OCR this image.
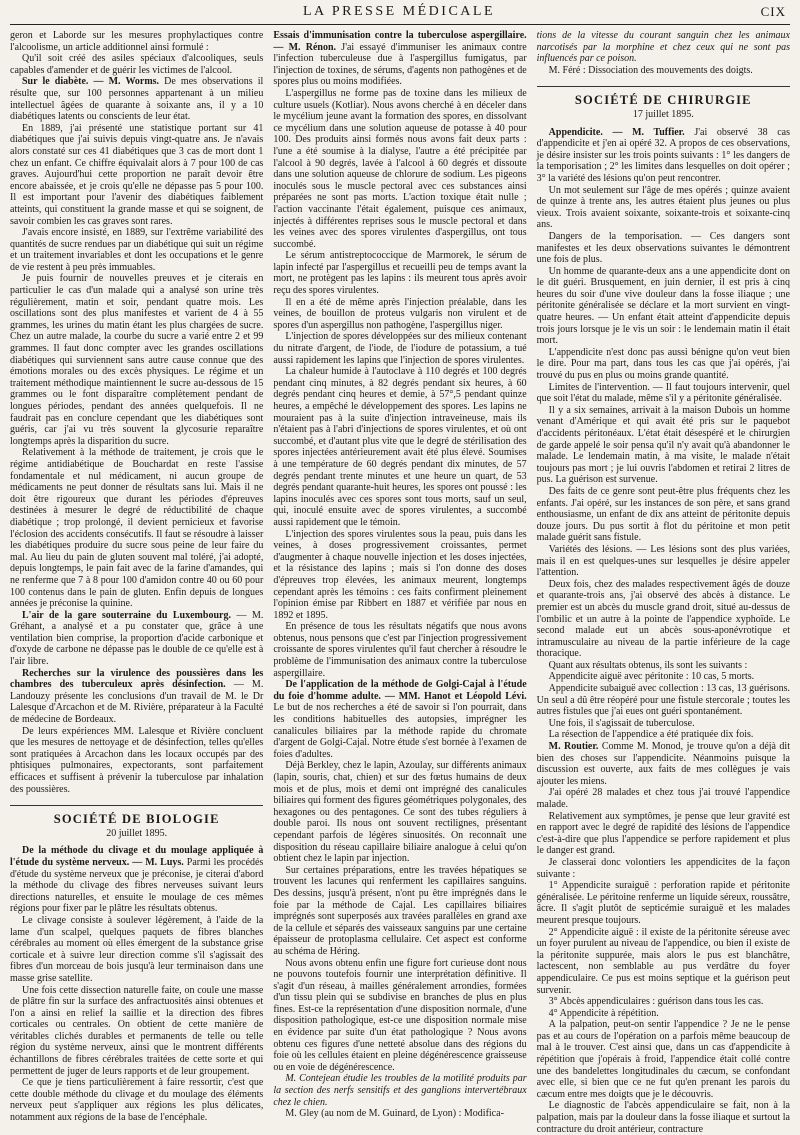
LA PRESSE MÉDICALE	CIX

geron et Laborde sur les mesures prophylactiques contre l'alcoolisme, un article additionnel ainsi formulé :

Qu'il soit créé des asiles spéciaux d'alcooliques, seuls capables d'amender et de guérir les victimes de l'alcool.

Sur le diabète. — M. Worms. De mes observations il résulte que, sur 100 personnes appartenant à un milieu intellectuel âgées de quarante à soixante ans, il y a 10 diabétiques latents ou conscients de leur état.

En 1889, j'ai présenté une statistique portant sur 41 diabétiques que j'ai suivis depuis vingt-quatre ans. Je n'avais alors constaté sur ces 41 diabétiques que 3 cas de mort dont 1 chez un enfant. Ce chiffre équivalait alors à 7 pour 100 de cas graves. Aujourd'hui cette proportion ne paraît devoir être encore abaissée, et je crois qu'elle ne dépasse pas 5 pour 100. Il est important pour l'avenir des diabétiques faiblement atteints, qui constituent la grande masse et qui se soignent, de savoir combien les cas graves sont rares.

J'avais encore insisté, en 1889, sur l'extrême variabilité des quantités de sucre rendues par un diabétique qui suit un régime et un traitement invariables et dont les occupations et le genre de vie restent à peu près immuables.

Je puis fournir de nouvelles preuves et je citerais en particulier le cas d'un malade qui a analysé son urine très régulièrement, matin et soir, pendant quatre mois. Les oscillations sont des plus manifestes et varient de 4 à 55 grammes, les urines du matin étant les plus chargées de sucre. Chez un autre malade, la courbe du sucre a varié entre 2 et 99 grammes. Il faut donc compter avec les grandes oscillations diabétiques qui surviennent sans autre cause connue que des émotions morales ou des excès physiques. Le régime et un traitement méthodique maintiennent le sucre au-dessous de 15 grammes ou le font disparaître complètement pendant de longues périodes, pendant des années quelquefois. Il ne faudrait pas en conclure cependant que les diabétiques sont guéris, car j'ai vu très souvent la glycosurie reparaître longtemps après la disparition du sucre.

Relativement à la méthode de traitement, je crois que le régime antidiabétique de Bouchardat en reste l'assise fondamentale et nul médicament, ni aucun groupe de médicaments ne peut donner de résultats sans lui. Mais il ne doit être rigoureux que durant les périodes d'épreuves destinées à mesurer le degré de réductibilité de chaque diabétique ; trop prolongé, il devient pernicieux et favorise l'éclosion des accidents consécutifs. Il faut se résoudre à laisser les diabétiques produire du sucre sous peine de leur faire du mal. Au lieu du pain de gluten souvent mal toléré, j'ai adopté, depuis longtemps, le pain fait avec de la farine d'amandes, qui ne renferme que 7 à 8 pour 100 d'amidon contre 40 ou 60 pour 100 contenus dans le pain de gluten. Enfin depuis de longues années je préconise la quinine.

L'air de la gare souterraine du Luxembourg. — M. Gréhant, a analysé et a pu constater que, grâce à une ventilation bien comprise, la proportion d'acide carbonique et d'oxyde de carbone ne dépasse pas le double de ce qu'elle est à l'air libre.

Recherches sur la virulence des poussières dans les chambres des tuberculeux après désinfection. — M. Landouzy présente les conclusions d'un travail de M. le Dr Lalesque d'Arcachon et de M. Rivière, préparateur à la Faculté de médecine de Bordeaux.

De leurs expériences MM. Lalesque et Rivière concluent que les mesures de nettoyage et de désinfection, telles qu'elles sont pratiquées à Arcachon dans les locaux occupés par des phtisiques pulmonaires, expectorants, sont parfaitement efficaces et suffisent à prévenir la tuberculose par inhalation des poussières.

SOCIÉTÉ DE BIOLOGIE
20 juillet 1895.

De la méthode du clivage et du moulage appliquée à l'étude du système nerveux. — M. Luys. Parmi les procédés d'étude du système nerveux que je préconise, je citerai d'abord la méthode du clivage des fibres nerveuses suivant leurs directions naturelles, et ensuite le moulage de ces mêmes régions pour fixer par le plâtre les résultats obtenus.

Le clivage consiste à soulever légèrement, à l'aide de la lame d'un scalpel, quelques paquets de fibres blanches cérébrales au moment où elles émergent de la substance grise corticale et à suivre leur direction comme s'il s'agissait des fibres d'un morceau de bois jusqu'à leur terminaison dans une masse grise satellite.

Une fois cette dissection naturelle faite, on coule une masse de plâtre fin sur la surface des anfractuosités ainsi obtenues et l'on a ainsi en relief la saillie et la direction des fibres corticales ou centrales. On obtient de cette manière de véritables clichés durables et permanents de telle ou telle région du système nerveux, ainsi que le montrent différents échantillons de fibres cérébrales traitées de cette sorte et qui permettent de juger de leurs rapports et de leur groupement.

Ce que je tiens particulièrement à faire ressortir, c'est que cette double méthode du clivage et du moulage des éléments nerveux peut s'appliquer aux régions les plus délicates, notamment aux régions de la base de l'encéphale.

Essais d'immunisation contre la tuberculose aspergillaire. — M. Rénon. J'ai essayé d'immuniser les animaux contre l'infection tuberculeuse due à l'aspergillus fumigatus, par l'injection de toxines, de sérums, d'agents non pathogènes et de spores plus ou moins modifiées.

L'aspergillus ne forme pas de toxine dans les milieux de culture usuels (Kotliar). Nous avons cherché à en déceler dans le mycélium jeune avant la formation des spores, en dissolvant ce mycélium dans une solution aqueuse de potasse à 40 pour 100. Des produits ainsi formés nous avons fait deux parts : l'une a été soumise à la dialyse, l'autre a été précipitée par l'alcool à 90 degrés, lavée à l'alcool à 60 degrés et dissoute dans une solution aqueuse de chlorure de sodium. Les pigeons inoculés sous le muscle pectoral avec ces substances ainsi préparées ne sont pas morts. L'action toxique était nulle ; l'action vaccinante l'était également, puisque ces animaux, injectés à différentes reprises sous le muscle pectoral et dans les veines avec des spores virulentes d'aspergillus, ont tous succombé.

Le sérum antistreptococcique de Marmorek, le sérum de lapin infecté par l'aspergillus et recueilli peu de temps avant la mort, ne protègent pas les lapins : ils meurent tous après avoir reçu des spores virulentes.

Il en a été de même après l'injection préalable, dans les veines, de bouillon de proteus vulgaris non virulent et de spores d'un aspergillus non pathogène, l'aspergillus niger.

L'injection de spores développées sur des milieux contenant du nitrate d'argent, de l'iode, de l'iodure de potassium, a tué aussi rapidement les lapins que l'injection de spores virulentes.

La chaleur humide à l'autoclave à 110 degrés et 100 degrés pendant cinq minutes, à 82 degrés pendant six heures, à 60 degrés pendant cinq heures et demie, à 57°,5 pendant quinze heures, a empêché le développement des spores. Les lapins ne mouraient pas à la suite d'injection intraveineuse, mais ils n'étaient pas à l'abri d'injections de spores virulentes, et où ont succombé, et d'autant plus vite que le degré de stérilisation des spores injectées antérieurement avait été plus élevé. Soumises à une température de 60 degrés pendant dix minutes, de 57 degrés pendant trente minutes et une heure un quart, de 53 degrés pendant quarante-huit heures, les spores ont poussé : les lapins inoculés avec ces spores sont tous morts, sauf un seul, qui, inoculé ensuite avec de spores virulentes, a succombé aussi rapidement que le témoin.

L'injection des spores virulentes sous la peau, puis dans les veines, à doses progressivement croissantes, permet d'augmenter à chaque nouvelle injection et les doses injectées, et la résistance des lapins ; mais si l'on donne des doses d'épreuves trop élevées, les animaux meurent, longtemps cependant après les témoins : ces faits confirment pleinement l'opinion émise par Ribbert en 1887 et vérifiée par nous en 1892 et 1895.

En présence de tous les résultats négatifs que nous avons obtenus, nous pensons que c'est par l'injection progressivement croissante de spores virulentes qu'il faut chercher à résoudre le problème de l'immunisation des animaux contre la tuberculose aspergillaire.

De l'application de la méthode de Golgi-Cajal à l'étude du foie d'homme adulte. — MM. Hanot et Léopold Lévi. Le but de nos recherches a été de savoir si l'on pourrait, dans les conditions habituelles des autopsies, imprégner les canalicules biliaires par la méthode rapide du chromate d'argent de Golgi-Cajal. Notre étude s'est bornée à l'examen de foies d'adultes.

Déjà Berkley, chez le lapin, Azoulay, sur différents animaux (lapin, souris, chat, chien) et sur des fœtus humains de deux mois et de plus, mois et demi ont imprégné des canalicules biliaires qui forment des figures géométriques polygonales, des hexagones ou des pentagones. Ce sont des tubes réguliers à double paroi. Ils nous ont souvent rectilignes, présentant cependant parfois de légères sinuosités. On reconnaît une disposition du réseau capillaire biliaire analogue à celui qu'on obtient chez le lapin par injection.

Sur certaines préparations, entre les travées hépatiques se trouvent les lacunes qui renferment les capillaires sanguins. Des dessins, jusqu'à présent, n'ont pu être imprégnés dans le foie par la méthode de Cajal. Les capillaires biliaires imprégnés sont superposés aux travées parallèles en grand axe de la cellule et séparés des vaisseaux sanguins par une certaine épaisseur de protoplasma cellulaire. Cet aspect est conforme au schéma de Héring.

Nous avons obtenu enfin une figure fort curieuse dont nous ne pouvons toutefois fournir une interprétation définitive. Il s'agit d'un réseau, à mailles généralement arrondies, formées d'un tissu plein qui se subdivise en branches de plus en plus fines. Est-ce la représentation d'une disposition normale, d'une disposition pathologique, est-ce une disposition normale mise en évidence par suite d'un état pathologique ? Nous avons obtenu ces figures d'une netteté absolue dans des régions du foie où les cellules étaient en pleine dégénérescence graisseuse ou en voie de dégénérescence.

M. Contejean étudie les troubles de la motilité produits par la section des nerfs sensitifs et des ganglions intervertébraux chez le chien.

M. Gley (au nom de M. Guinard, de Lyon) : Modifica-

tions de la vitesse du courant sanguin chez les animaux narcotisés par la morphine et chez ceux qui ne sont pas influencés par ce poison.

M. Féré : Dissociation des mouvements des doigts.

SOCIÉTÉ DE CHIRURGIE
17 juillet 1895.

Appendicite. — M. Tuffier. J'ai observé 38 cas d'appendicite et j'en ai opéré 32. A propos de ces observations, je désire insister sur les trois points suivants : 1° les dangers de la temporisation ; 2° les limites dans lesquelles on doit opérer ; 3° la variété des lésions qu'on peut rencontrer.

Un mot seulement sur l'âge de mes opérés ; quinze avaient de quinze à trente ans, les autres étaient plus jeunes ou plus vieux. Trois avaient soixante, soixante-trois et soixante-cinq ans.

Dangers de la temporisation. — Ces dangers sont manifestes et les deux observations suivantes le démontrent une fois de plus.

Un homme de quarante-deux ans a une appendicite dont on le dit guéri. Brusquement, en juin dernier, il est pris à cinq heures du soir d'une vive douleur dans la fosse iliaque ; une péritonite généralisée se déclare et la mort survient en vingt-quatre heures. — Un enfant était atteint d'appendicite depuis trois jours lorsque je le vis un soir : le lendemain matin il était mort.

L'appendicite n'est donc pas aussi bénigne qu'on veut bien le dire. Pour ma part, dans tous les cas que j'ai opérés, j'ai trouvé du pus en plus ou moins grande quantité.

Limites de l'intervention. — Il faut toujours intervenir, quel que soit l'état du malade, même s'il y a péritonite généralisée.

Il y a six semaines, arrivait à la maison Dubois un homme venant d'Amérique et qui avait été pris sur le paquebot d'accidents péritonéaux. L'état était désespéré et le chirurgien de garde appelé le soir pensa qu'il n'y avait qu'à abandonner le malade. Le lendemain matin, à ma visite, le malade n'était toujours pas mort ; je lui ouvris l'abdomen et retirai 2 litres de pus. La guérison est survenue.

Des faits de ce genre sont peut-être plus fréquents chez les enfants. J'ai opéré, sur les instances de son père, et sans grand enthousiasme, un enfant de dix ans atteint de péritonite depuis douze jours. Du pus sortit à flot du péritoine et mon petit malade guérit sans fistule.

Variétés des lésions. — Les lésions sont des plus variées, mais il en est quelques-unes sur lesquelles je désire appeler l'attention.

Deux fois, chez des malades respectivement âgés de douze et quarante-trois ans, j'ai observé des abcès à distance. Le premier est un abcès du muscle grand droit, situé au-dessus de l'ombilic et un autre à la pointe de l'appendice xyphoïde. Le second malade eut un abcès sous-aponévrotique et intramusculaire au niveau de la partie inférieure de la cage thoracique.

Quant aux résultats obtenus, ils sont les suivants :

Appendicite aiguë avec péritonite : 10 cas, 5 morts.

Appendicite subaiguë avec collection : 13 cas, 13 guérisons. Un seul a dû être réopéré pour une fistule stercorale ; toutes les autres fistules que j'ai eues ont guéri spontanément.

Une fois, il s'agissait de tuberculose.

La résection de l'appendice a été pratiquée dix fois.

M. Routier. Comme M. Monod, je trouve qu'on a déjà dit bien des choses sur l'appendicite. Néanmoins puisque la discussion est ouverte, aux faits de mes collègues je vais ajouter les miens.

J'ai opéré 28 malades et chez tous j'ai trouvé l'appendice malade.

Relativement aux symptômes, je pense que leur gravité est en rapport avec le degré de rapidité des lésions de l'appendice c'est-à-dire que plus l'appendice se perfore rapidement et plus le danger est grand.

Je classerai donc volontiers les appendicites de la façon suivante :

1° Appendicite suraiguë : perforation rapide et péritonite généralisée. Le péritoine renferme un liquide séreux, roussâtre, âcre. Il s'agit plutôt de septicémie suraiguë et les malades meurent presque toujours.

2° Appendicite aiguë : il existe de la péritonite séreuse avec un foyer purulent au niveau de l'appendice, ou bien il existe de la péritonite suppurée, mais alors le pus est blanchâtre, lactescent, non semblable au pus verdâtre du foyer appendiculaire. Ce pus est moins septique et la guérison peut survenir.

3° Abcès appendiculaires : guérison dans tous les cas.

4° Appendicite à répétition.

A la palpation, peut-on sentir l'appendice ? Je ne le pense pas et au cours de l'opération on a parfois même beaucoup de mal à le trouver. C'est ainsi que, dans un cas d'appendicite à répétition que j'opérais à froid, l'appendice était collé contre une des bandelettes longitudinales du cæcum, se confondant avec elle, si bien que ce ne fut qu'en prenant les parois du cæcum entre mes doigts que je le découvris.

Le diagnostic de l'abcès appendiculaire se fait, non à la palpation, mais par la douleur dans la fosse iliaque et surtout la contracture du droit antérieur, contracture
